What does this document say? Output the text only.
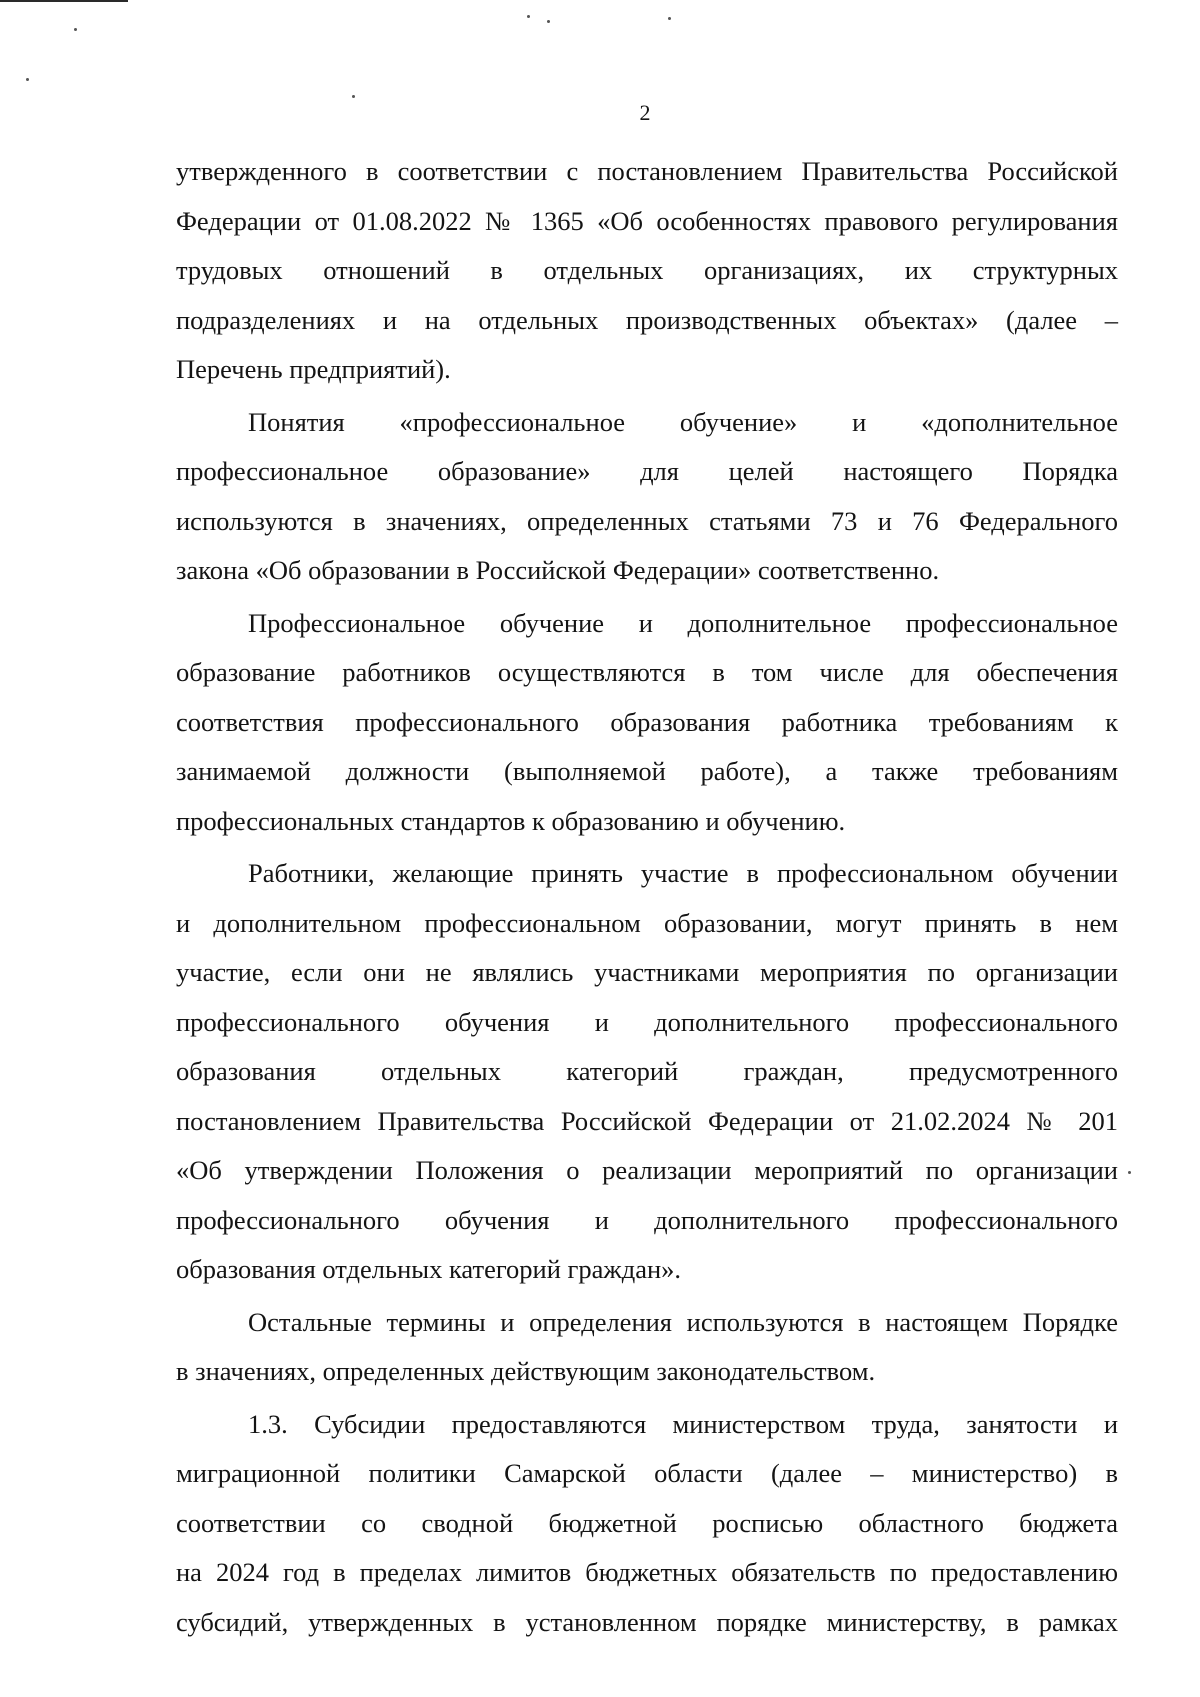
2

утвержденного в соответствии с постановлением Правительства Российской
Федерации от 01.08.2022 № 1365 «Об особенностях правового регулирования
трудовых отношений в отдельных организациях, их структурных
подразделениях и на отдельных производственных объектах» (далее –
Перечень предприятий).

Понятия «профессиональное обучение» и «дополнительное
профессиональное образование» для целей настоящего Порядка
используются в значениях, определенных статьями 73 и 76 Федерального
закона «Об образовании в Российской Федерации» соответственно.

Профессиональное обучение и дополнительное профессиональное
образование работников осуществляются в том числе для обеспечения
соответствия профессионального образования работника требованиям к
занимаемой должности (выполняемой работе), а также требованиям
профессиональных стандартов к образованию и обучению.

Работники, желающие принять участие в профессиональном обучении
и дополнительном профессиональном образовании, могут принять в нем
участие, если они не являлись участниками мероприятия по организации
профессионального обучения и дополнительного профессионального
образования отдельных категорий граждан, предусмотренного
постановлением Правительства Российской Федерации от 21.02.2024 № 201
«Об утверждении Положения о реализации мероприятий по организации
профессионального обучения и дополнительного профессионального
образования отдельных категорий граждан».

Остальные термины и определения используются в настоящем Порядке
в значениях, определенных действующим законодательством.

1.3. Субсидии предоставляются министерством труда, занятости и
миграционной политики Самарской области (далее – министерство) в
соответствии со сводной бюджетной росписью областного бюджета
на 2024 год в пределах лимитов бюджетных обязательств по предоставлению
субсидий, утвержденных в установленном порядке министерству, в рамках
